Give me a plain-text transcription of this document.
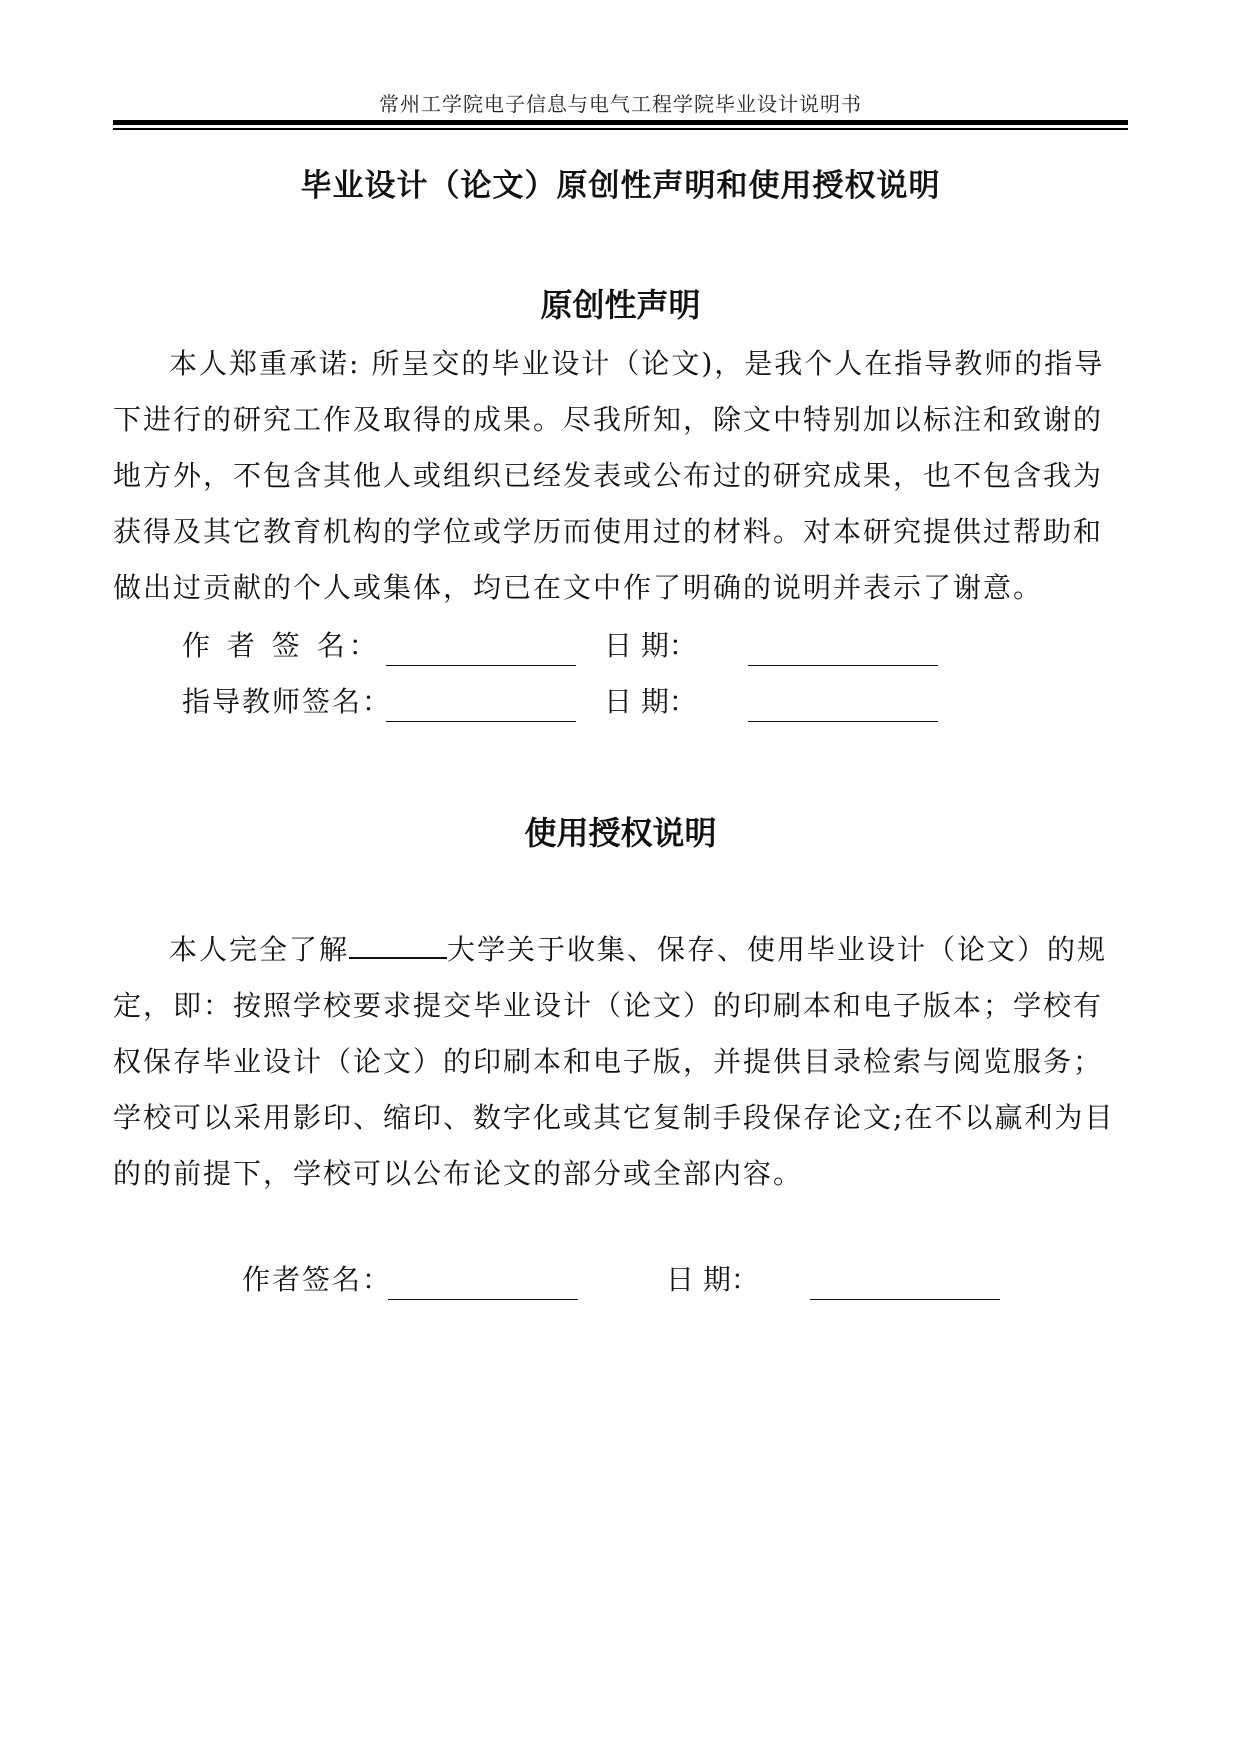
常州工学院电子信息与电气工程学院毕业设计说明书
毕业设计（论文）原创性声明和使用授权说明
原创性声明

本人郑重承诺: 所呈交的毕业设计（论文)，是我个人在指导教师的指导下进行的研究工作及取得的成果。尽我所知，除文中特别加以标注和致谢的地方外，不包含其他人或组织已经发表或公布过的研究成果，也不包含我为获得及其它教育机构的学位或学历而使用过的材料。对本研究提供过帮助和做出过贡献的个人或集体，均已在文中作了明确的说明并表示了谢意。

作 者 签 名：	日 期：
指导教师签名：	日 期：
使用授权说明

本人完全了解	大学关于收集、保存、使用毕业设计（论文）的规定，即：按照学校要求提交毕业设计（论文）的印刷本和电子版本；学校有权保存毕业设计（论文）的印刷本和电子版，并提供目录检索与阅览服务；学校可以采用影印、缩印、数字化或其它复制手段保存论文;在不以赢利为目的的前提下，学校可以公布论文的部分或全部内容。

作者签名：	日 期：
